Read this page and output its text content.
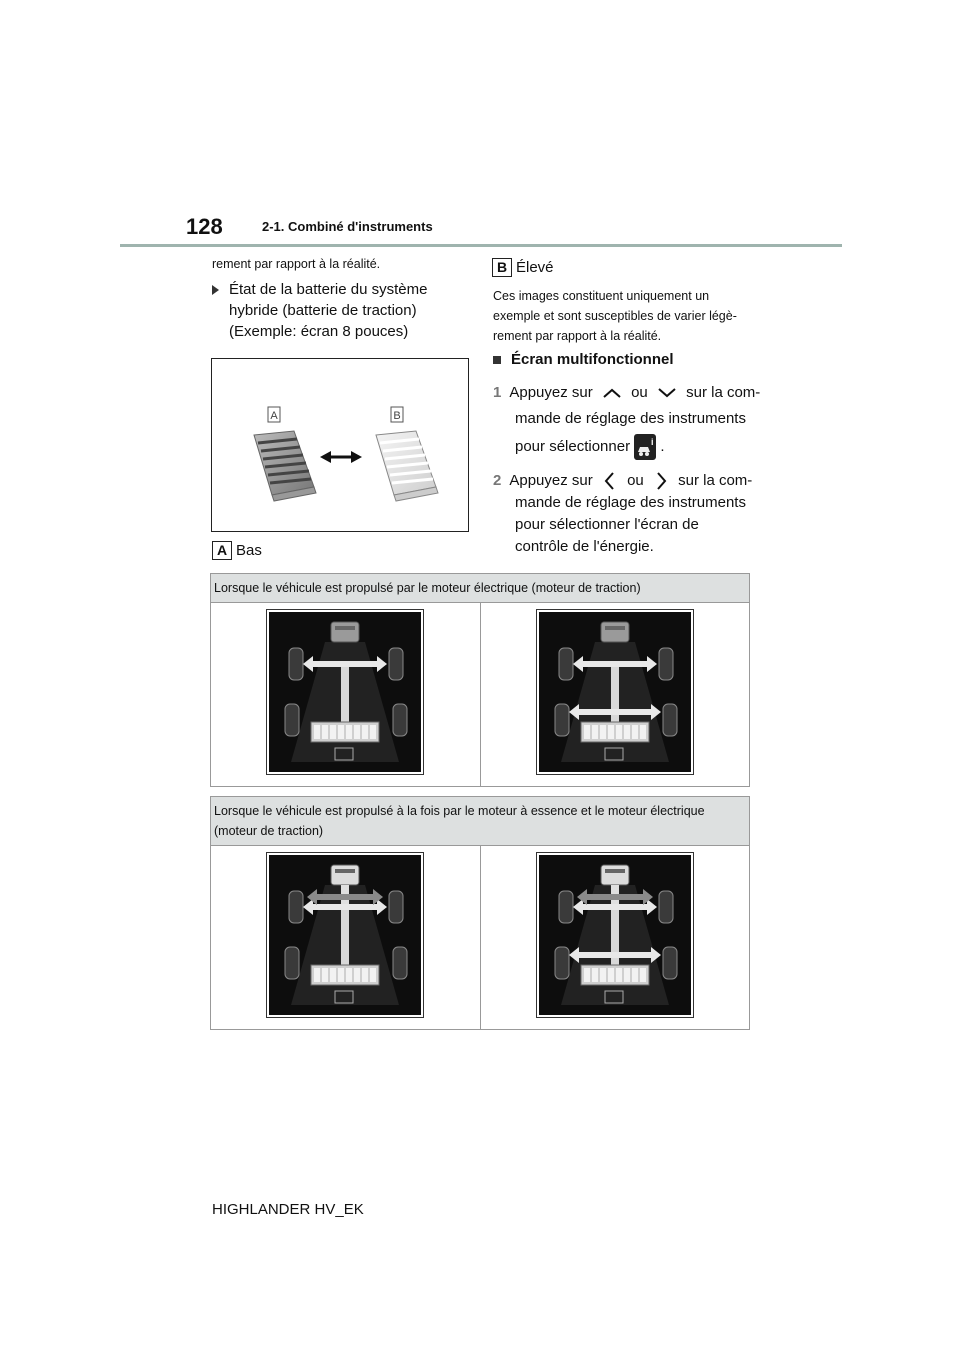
128	2-1. Combiné d'instruments
rement par rapport à la réalité.
État de la batterie du système
hybride (batterie de traction)
(Exemple: écran 8 pouces)
A	B
A Bas
B Élevé
Ces images constituent uniquement un
exemple et sont susceptibles de varier légè-
rement par rapport à la réalité.
Écran multifonctionnel
1 Appuyez sur	ou	sur la com-
mande de réglage des instruments
pour sélectionner i .
2 Appuyez sur ou sur la com-
mande de réglage des instruments
pour sélectionner l'écran de
contrôle de l'énergie.
Lorsque le véhicule est propulsé par le moteur électrique (moteur de traction)

Lorsque le véhicule est propulsé à la fois par le moteur à essence et le moteur électrique
(moteur de traction)

HIGHLANDER HV_EK
